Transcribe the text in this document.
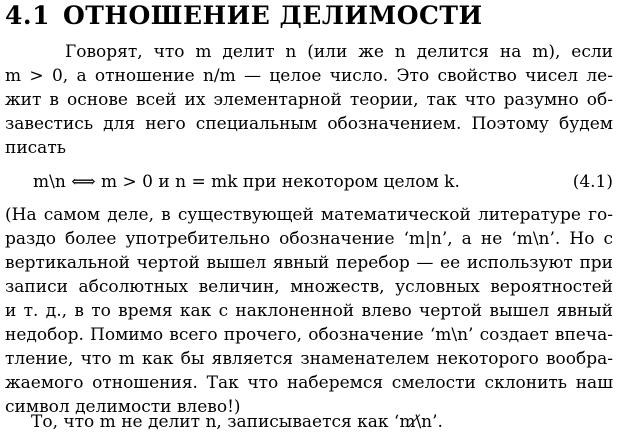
4.1 ОТНОШЕНИЕ ДЕЛИМОСТИ
Говорят, что m делит n (или же n делится на m), если
m > 0, а отношение n/m — целое число. Это свойство чисел ле-
жит в основе всей их элементарной теории, так что разумно об-
завестись для него специальным обозначением. Поэтому будем
писать
m\n ⟺ m > 0 и n = mk при некотором целом k.	(4.1)
(На самом деле, в существующей математической литературе го-
раздо более употребительно обозначение ‘m|n’, а не ‘m\n’. Но с
вертикальной чертой вышел явный перебор — ее используют при
записи абсолютных величин, множеств, условных вероятностей
и т. д., в то время как с наклоненной влево чертой вышел явный
недобор. Помимо всего прочего, обозначение ‘m\n’ создает впеча-
тление, что m как бы является знаменателем некоторого вообра-
жаемого отношения. Так что наберемся смелости склонить наш
символ делимости влево!)
То, что m не делит n, записывается как ‘m\̸n’.
